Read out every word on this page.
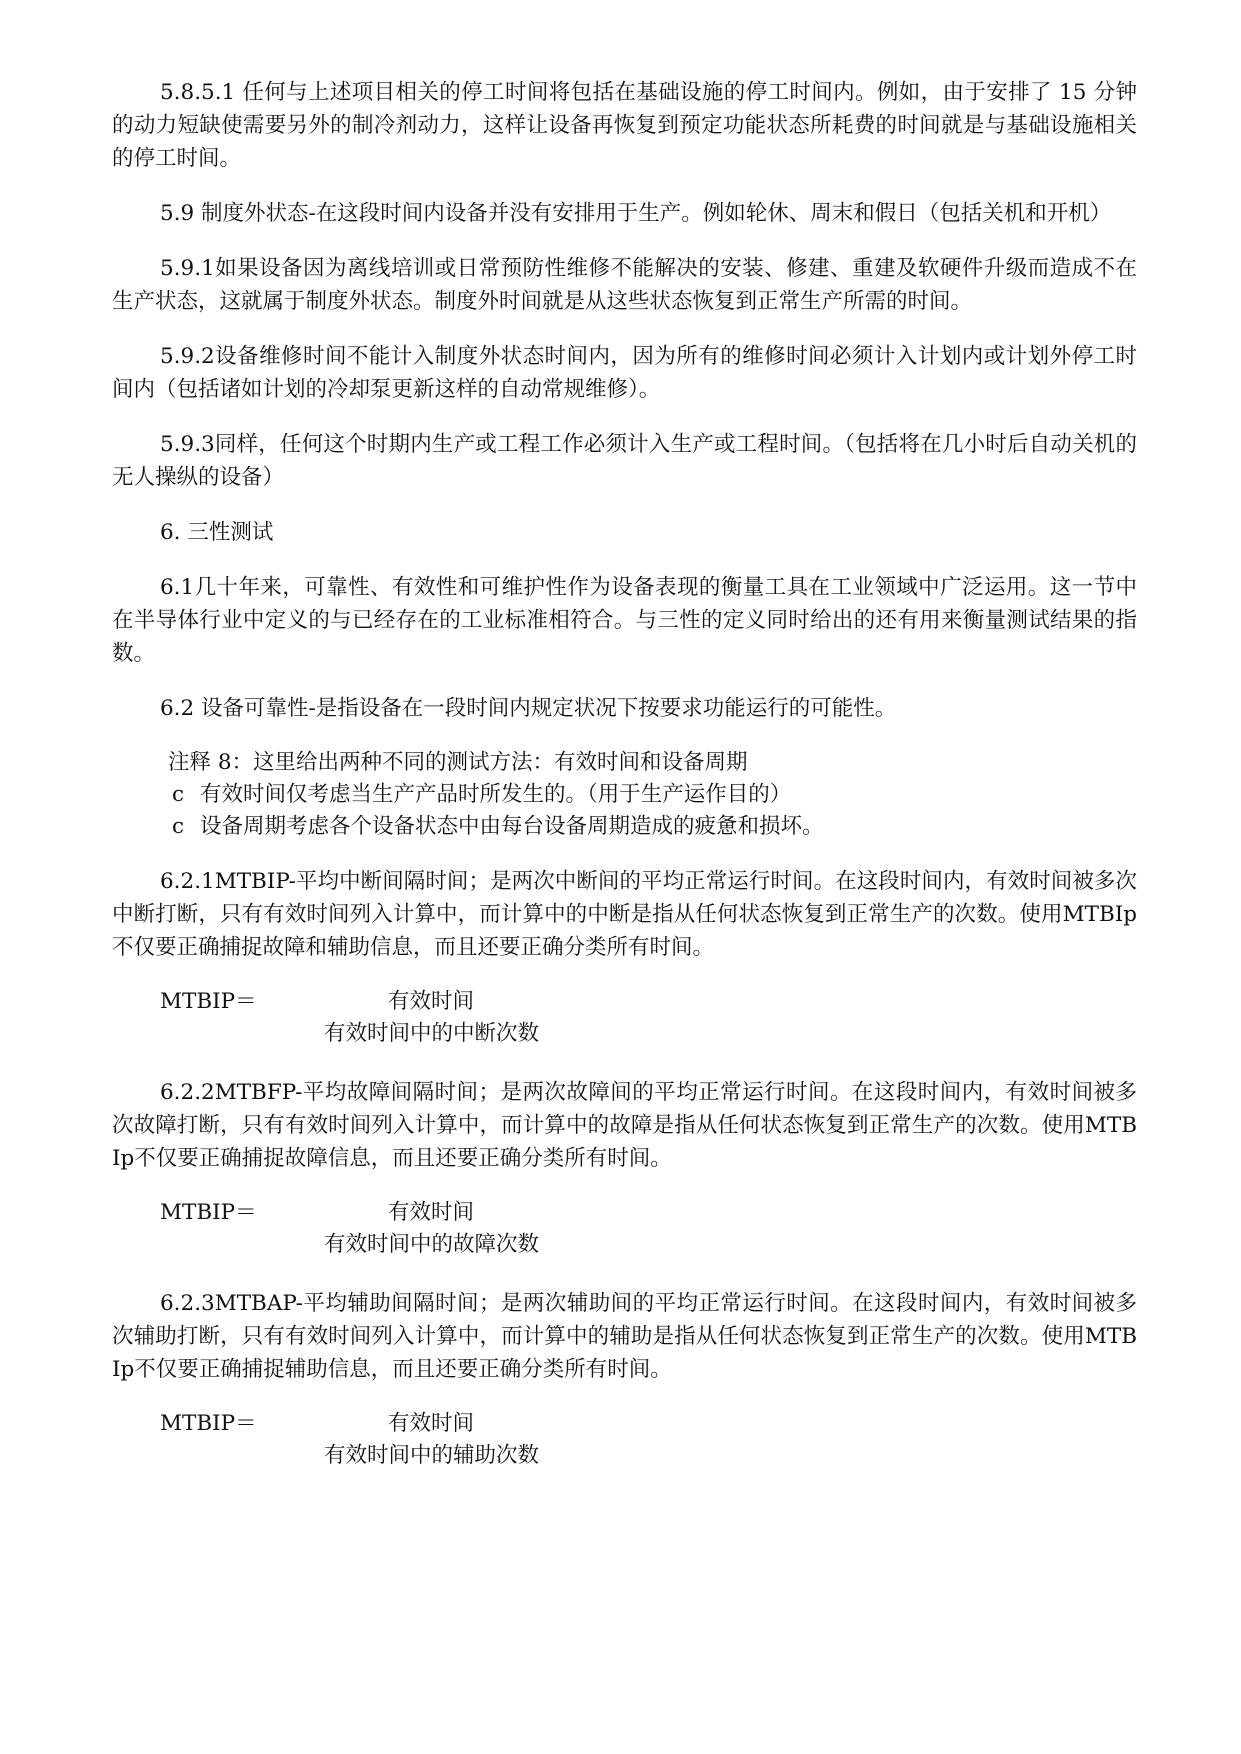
5.8.5.1 任何与上述项目相关的停工时间将包括在基础设施的停工时间内。例如，由于安排了 15 分钟的动力短缺使需要另外的制冷剂动力，这样让设备再恢复到预定功能状态所耗费的时间就是与基础设施相关的停工时间。

5.9 制度外状态-在这段时间内设备并没有安排用于生产。例如轮休、周末和假日（包括关机和开机）

5.9.1如果设备因为离线培训或日常预防性维修不能解决的安装、修建、重建及软硬件升级而造成不在生产状态，这就属于制度外状态。制度外时间就是从这些状态恢复到正常生产所需的时间。

5.9.2设备维修时间不能计入制度外状态时间内，因为所有的维修时间必须计入计划内或计划外停工时间内（包括诸如计划的冷却泵更新这样的自动常规维修）。

5.9.3同样，任何这个时期内生产或工程工作必须计入生产或工程时间。（包括将在几小时后自动关机的无人操纵的设备）

6. 三性测试

6.1几十年来，可靠性、有效性和可维护性作为设备表现的衡量工具在工业领域中广泛运用。这一节中在半导体行业中定义的与已经存在的工业标准相符合。与三性的定义同时给出的还有用来衡量测试结果的指数。

6.2 设备可靠性-是指设备在一段时间内规定状况下按要求功能运行的可能性。

注释 8：这里给出两种不同的测试方法：有效时间和设备周期
c 有效时间仅考虑当生产产品时所发生的。（用于生产运作目的）
c 设备周期考虑各个设备状态中由每台设备周期造成的疲惫和损坏。

6.2.1MTBIP-平均中断间隔时间；是两次中断间的平均正常运行时间。在这段时间内，有效时间被多次中断打断，只有有效时间列入计算中，而计算中的中断是指从任何状态恢复到正常生产的次数。使用MTBIp不仅要正确捕捉故障和辅助信息，而且还要正确分类所有时间。

MTBIP＝	有效时间
有效时间中的中断次数

6.2.2MTBFP-平均故障间隔时间；是两次故障间的平均正常运行时间。在这段时间内，有效时间被多次故障打断，只有有效时间列入计算中，而计算中的故障是指从任何状态恢复到正常生产的次数。使用MTBIp不仅要正确捕捉故障信息，而且还要正确分类所有时间。

MTBIP＝	有效时间
有效时间中的故障次数

6.2.3MTBAP-平均辅助间隔时间；是两次辅助间的平均正常运行时间。在这段时间内，有效时间被多次辅助打断，只有有效时间列入计算中，而计算中的辅助是指从任何状态恢复到正常生产的次数。使用MTBIp不仅要正确捕捉辅助信息，而且还要正确分类所有时间。

MTBIP＝	有效时间
有效时间中的辅助次数
